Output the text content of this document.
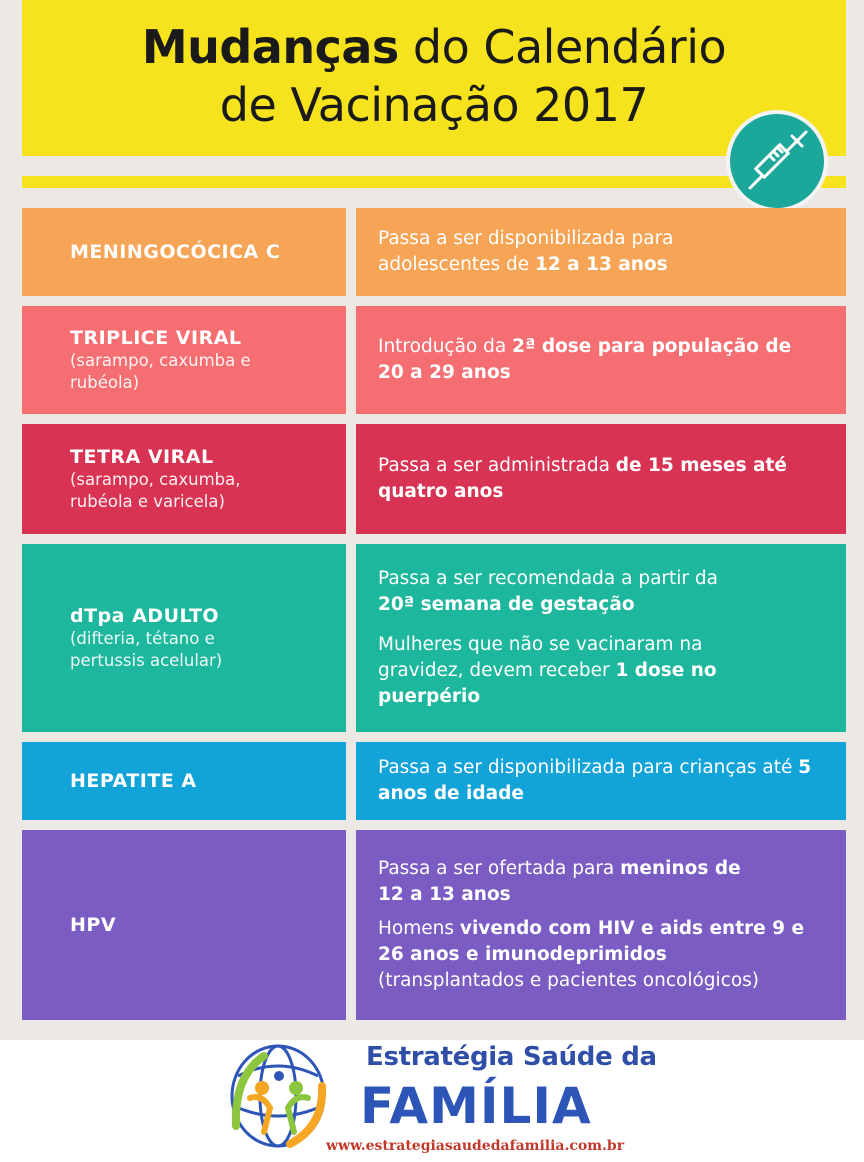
Mudanças do Calendário
de Vacinação 2017
MENINGOCÓCICA C
Passa a ser disponibilizada para adolescentes de 12 a 13 anos
TRIPLICE VIRAL
(sarampo, caxumba e rubéola)
Introdução da 2ª dose para população de 20 a 29 anos
TETRA VIRAL
(sarampo, caxumba, rubéola e varicela)
Passa a ser administrada de 15 meses até quatro anos
dTpa ADULTO
(difteria, tétano e pertussis acelular)
Passa a ser recomendada a partir da 20ª semana de gestação
Mulheres que não se vacinaram na gravidez, devem receber 1 dose no puerpério
HEPATITE A
Passa a ser disponibilizada para crianças até 5 anos de idade
HPV
Passa a ser ofertada para meninos de 12 a 13 anos
Homens vivendo com HIV e aids entre 9 e 26 anos e imunodeprimidos (transplantados e pacientes oncológicos)
Estratégia Saúde da
FAMÍLIA
www.estrategiasaudedafamilia.com.br
